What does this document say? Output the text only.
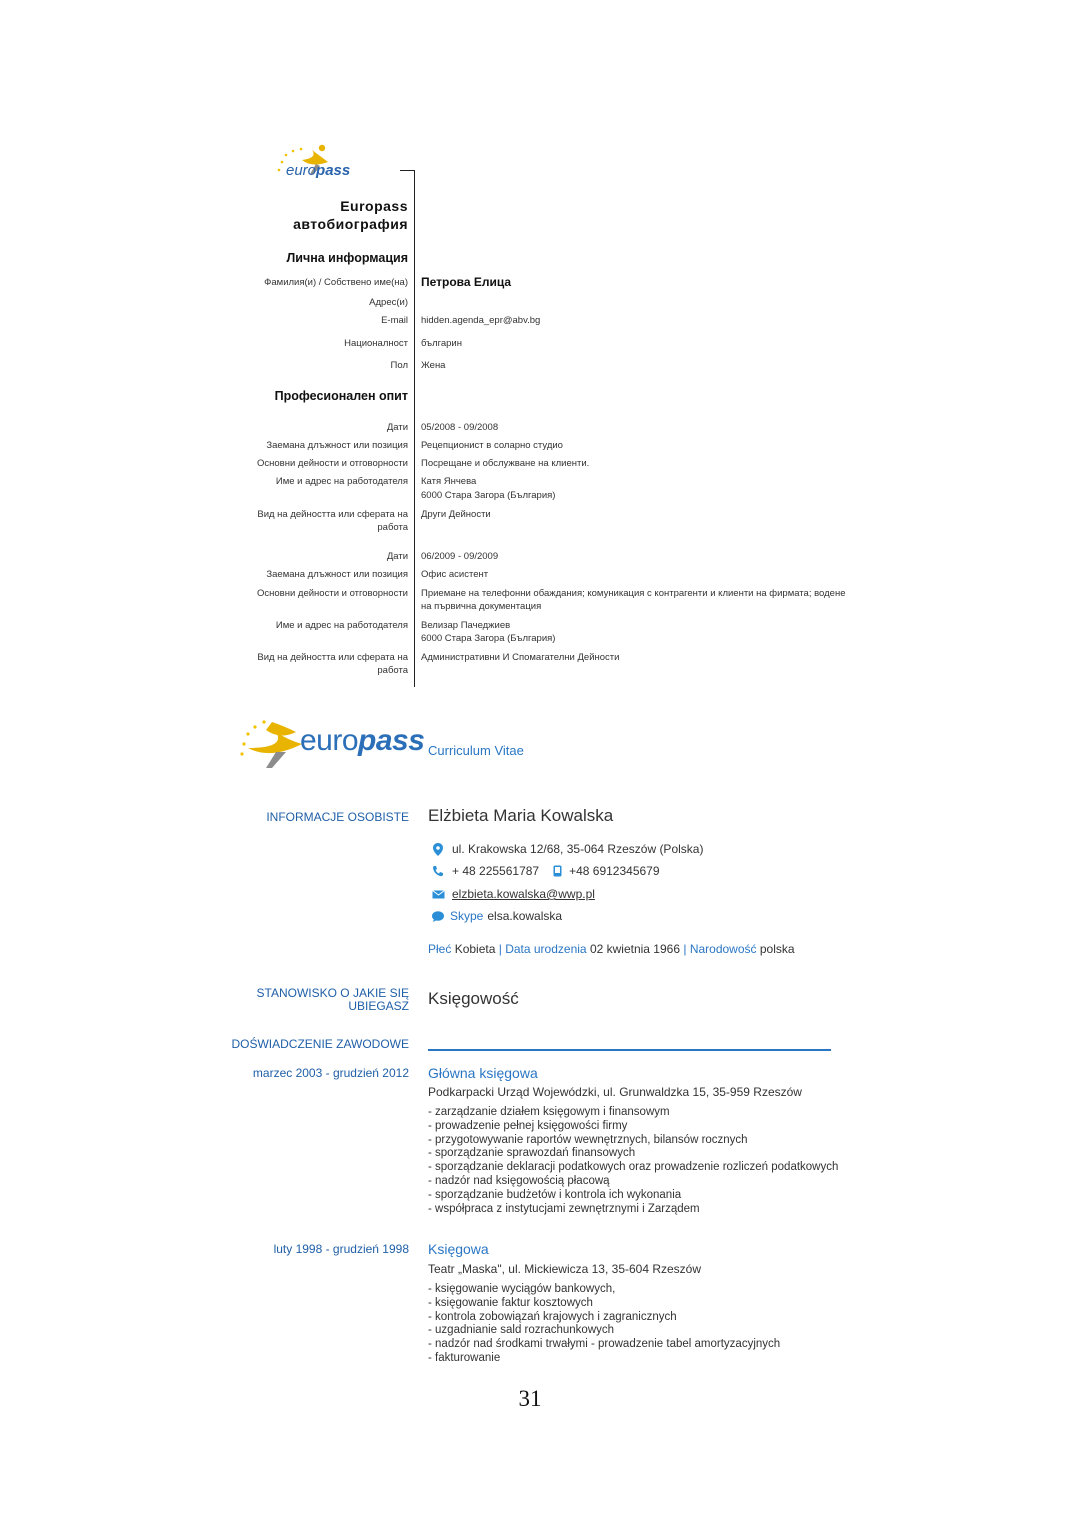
europass
Europass
автобиография
Лична информация
Фамилия(и) / Собствено име(на) Петрова Елица
Адрес(и)
E-mail hidden.agenda_epr@abv.bg
Националност българин
Пол Жена
Професионален опит
Дати 05/2008 - 09/2008
Заемана длъжност или позиция Рецепционист в соларно студио
Основни дейности и отговорности Посрещане и обслужване на клиенти.
Име и адрес на работодателя Катя Янчева
6000 Стара Загора (България)
Вид на дейността или сферата на
работа
Други Дейности
Дати 06/2009 - 09/2009
Заемана длъжност или позиция Офис асистент
Основни дейности и отговорности Приемане на телефонни обаждания; комуникация с контрагенти и клиенти на фирмата; водене
на първична документация
Име и адрес на работодателя Велизар Пачеджиев
6000 Стара Загора (България)
Вид на дейността или сферата на
работа
Административни И Спомагателни Дейности
europass Curriculum Vitae
INFORMACJE OSOBISTE Elżbieta Maria Kowalska
ul. Krakowska 12/68, 35-064 Rzeszów (Polska)
+ 48 225561787	+48 6912345679
elzbieta.kowalska@wwp.pl
Skype elsa.kowalska
Płeć Kobieta | Data urodzenia 02 kwietnia 1966 | Narodowość polska
STANOWISKO O JAKIE SIĘ
UBIEGASZ Księgowość
DOŚWIADCZENIE ZAWODOWE
marzec 2003 - grudzień 2012 Główna księgowa
Podkarpacki Urząd Wojewódzki, ul. Grunwaldzka 15, 35-959 Rzeszów
- zarządzanie działem księgowym i finansowym
- prowadzenie pełnej księgowości firmy
- przygotowywanie raportów wewnętrznych, bilansów rocznych
- sporządzanie sprawozdań finansowych
- sporządzanie deklaracji podatkowych oraz prowadzenie rozliczeń podatkowych
- nadzór nad księgowością płacową
- sporządzanie budżetów i kontrola ich wykonania
- współpraca z instytucjami zewnętrznymi i Zarządem
luty 1998 - grudzień 1998 Księgowa
Teatr „Maska", ul. Mickiewicza 13, 35-604 Rzeszów
- księgowanie wyciągów bankowych,
- księgowanie faktur kosztowych
- kontrola zobowiązań krajowych i zagranicznych
- uzgadnianie sald rozrachunkowych
- nadzór nad środkami trwałymi - prowadzenie tabel amortyzacyjnych
- fakturowanie
31
